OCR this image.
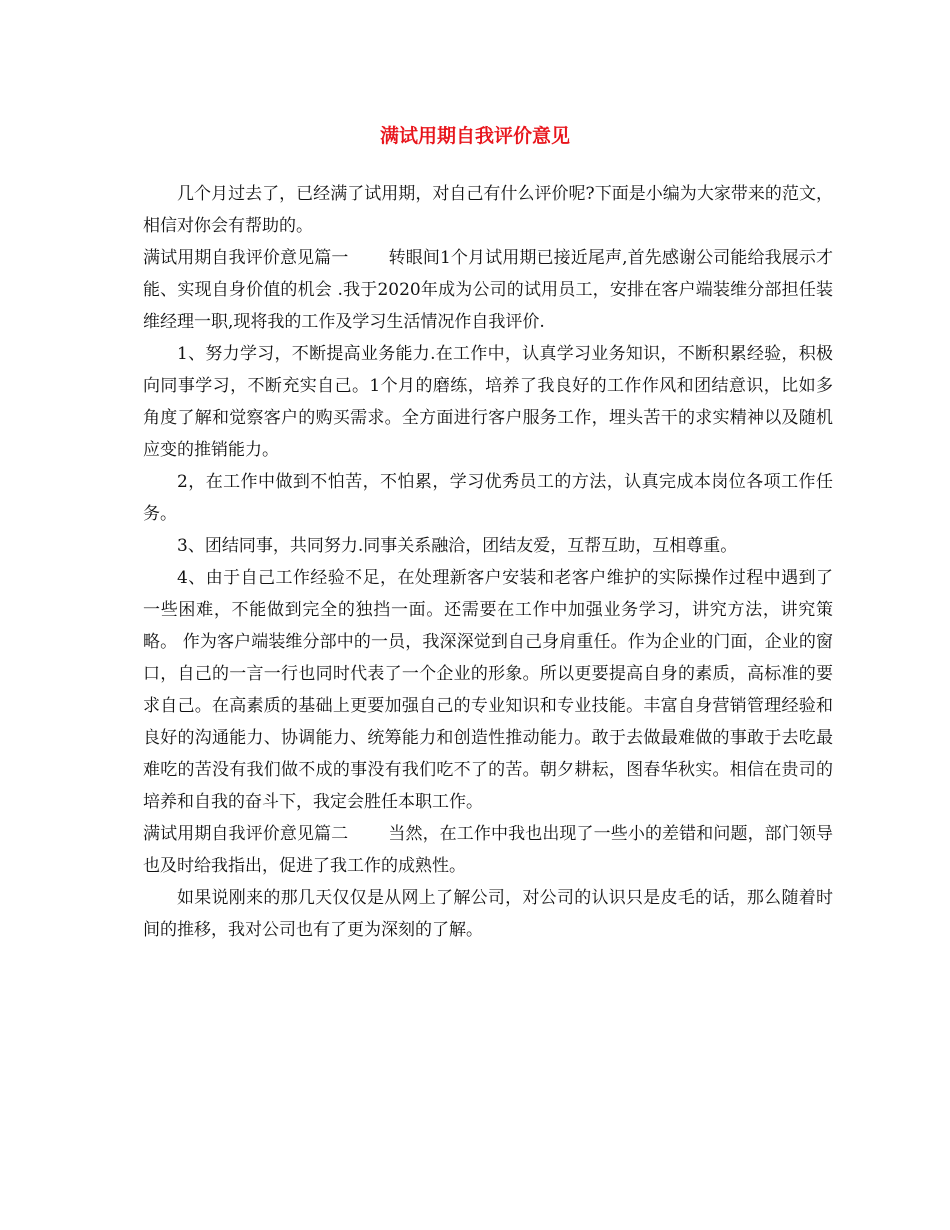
满试用期自我评价意见

几个月过去了，已经满了试用期，对自己有什么评价呢?下面是小编为大家带来的范文，相信对你会有帮助的。

满试用期自我评价意见篇一 转眼间1个月试用期已接近尾声,首先感谢公司能给我展示才能、实现自身价值的机会 .我于2020年成为公司的试用员工，安排在客户端装维分部担任装维经理一职,现将我的工作及学习生活情况作自我评价.

1、努力学习，不断提高业务能力.在工作中，认真学习业务知识，不断积累经验，积极向同事学习，不断充实自己。1个月的磨练，培养了我良好的工作作风和团结意识，比如多角度了解和觉察客户的购买需求。全方面进行客户服务工作，埋头苦干的求实精神以及随机应变的推销能力。

2，在工作中做到不怕苦，不怕累，学习优秀员工的方法，认真完成本岗位各项工作任务。

3、团结同事，共同努力.同事关系融洽，团结友爱，互帮互助，互相尊重。

4、由于自己工作经验不足，在处理新客户安装和老客户维护的实际操作过程中遇到了一些困难，不能做到完全的独挡一面。还需要在工作中加强业务学习，讲究方法，讲究策略。 作为客户端装维分部中的一员，我深深觉到自己身肩重任。作为企业的门面，企业的窗口，自己的一言一行也同时代表了一个企业的形象。所以更要提高自身的素质，高标准的要求自己。在高素质的基础上更要加强自己的专业知识和专业技能。丰富自身营销管理经验和良好的沟通能力、协调能力、统筹能力和创造性推动能力。敢于去做最难做的事敢于去吃最难吃的苦没有我们做不成的事没有我们吃不了的苦。朝夕耕耘，图春华秋实。相信在贵司的培养和自我的奋斗下，我定会胜任本职工作。

满试用期自我评价意见篇二 当然，在工作中我也出现了一些小的差错和问题，部门领导也及时给我指出，促进了我工作的成熟性。

如果说刚来的那几天仅仅是从网上了解公司，对公司的认识只是皮毛的话，那么随着时间的推移，我对公司也有了更为深刻的了解。
